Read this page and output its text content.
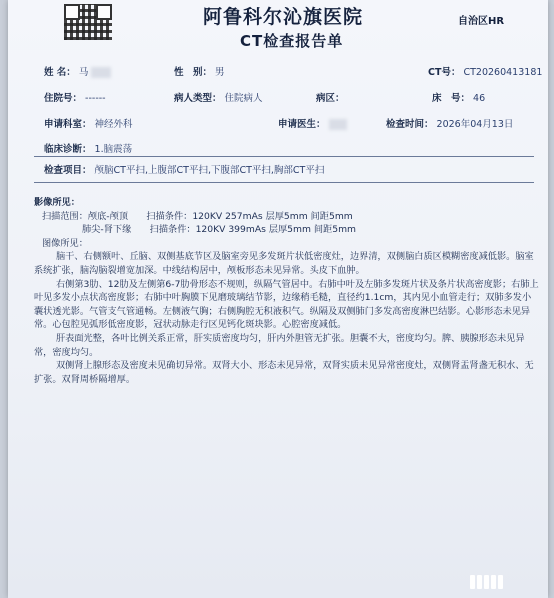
阿鲁科尔沁旗医院	自治区HR
CT检查报告单
姓 名： 马	性　别： 男	CT号： CT20260413181
住院号： ------	病人类型： 住院病人	病区：	床　号： 46
申请科室： 神经外科	申请医生：	检查时间： 2026年04月13日
临床诊断： 1.脑震荡
检查项目： 颅脑CT平扫,上腹部CT平扫,下腹部CT平扫,胸部CT平扫

影像所见：

扫描范围：颅底-颅顶　　扫描条件：120KV 257mAs 层厚5mm 间距5mm

肺尖-肾下缘　　扫描条件：120KV 399mAs 层厚5mm 间距5mm

图像所见：

脑干、右侧额叶、丘脑、双侧基底节区及脑室旁见多发斑片状低密度灶，边界清，双侧脑白质区模糊密度减低影。脑室系统扩张，脑沟脑裂增宽加深。中线结构居中，颅板形态未见异常。头皮下血肿。

右侧第3肋、12肋及左侧第6-7肋骨形态不规则，纵隔气管居中。右肺中叶及左肺多发斑片状及条片状高密度影；右肺上叶见多发小点状高密度影；右肺中叶胸膜下见磨玻璃结节影，边缘稍毛糙，直径约1.1cm，其内见小血管走行；双肺多发小囊状透光影。气管支气管通畅。左侧液气胸；右侧胸腔无积液积气。纵隔及双侧肺门多发高密度淋巴结影。心影形态未见异常。心包腔见弧形低密度影，冠状动脉走行区见钙化斑块影。心腔密度减低。

肝表面光整，各叶比例关系正常，肝实质密度均匀，肝内外胆管无扩张。胆囊不大，密度均匀。脾、胰腺形态未见异常，密度均匀。

双侧肾上腺形态及密度未见确切异常。双肾大小、形态未见异常，双肾实质未见异常密度灶，双侧肾盂肾盏无积水、无扩张。双肾周桥隔增厚。
